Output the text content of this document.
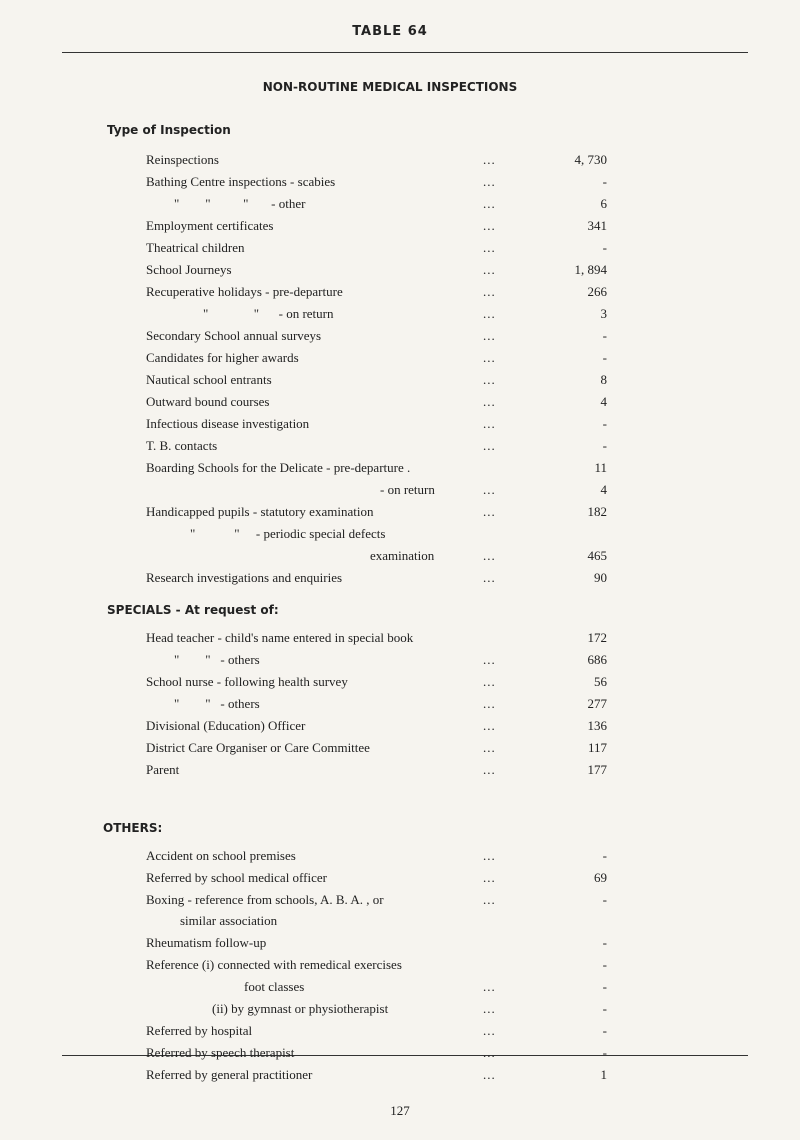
TABLE 64
NON-ROUTINE MEDICAL INSPECTIONS
Type of Inspection
Reinspections	...	4, 730
Bathing Centre inspections - scabies	...	-
"        "          "       - other	...	6
Employment certificates	...	341
Theatrical children	...	-
School Journeys	...	1, 894
Recuperative holidays - pre-departure	...	266
"              "      - on return	...	3
Secondary School annual surveys	...	-
Candidates for higher awards	...	-
Nautical school entrants	...	8
Outward bound courses	...	4
Infectious disease investigation	...	-
T. B. contacts	...	-
Boarding Schools for the Delicate - pre-departure .	11
- on return	...	4
Handicapped pupils - statutory examination	...	182
"            "     - periodic special defects
examination	...	465
Research investigations and enquiries	...	90
SPECIALS - At request of:
Head teacher - child's name entered in special book	172
"        "   - others	...	686
School nurse - following health survey	...	56
"        "   - others	...	277
Divisional (Education) Officer	...	136
District Care Organiser or Care Committee	...	117
Parent	...	177
OTHERS:
Accident on school premises	...	-
Referred by school medical officer	...	69
Boxing - reference from schools, A. B. A. , or	...	-
similar association
Rheumatism follow-up	-
Reference (i) connected with remedical exercises	-
foot classes	...	-
(ii) by gymnast or physiotherapist	...	-
Referred by hospital	...	-
Referred by speech therapist	...	-
Referred by general practitioner	...	1
127
